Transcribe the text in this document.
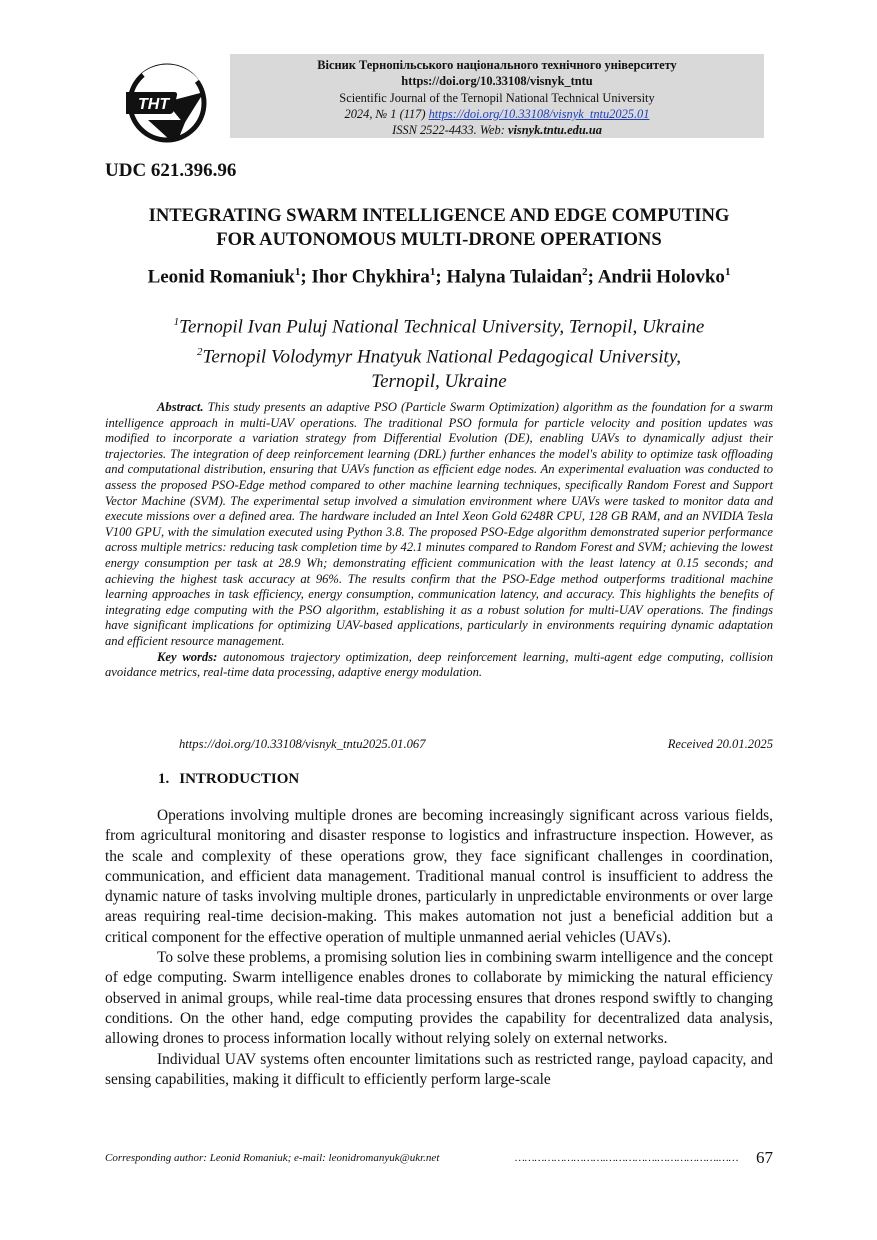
ТНТ
Вісник Тернопільського національного технічного університету
https://doi.org/10.33108/visnyk_tntu
Scientific Journal of the Ternopil National Technical University
2024, № 1 (117) https://doi.org/10.33108/visnyk_tntu2025.01
ISSN 2522-4433. Web: visnyk.tntu.edu.ua
UDC 621.396.96
INTEGRATING SWARM INTELLIGENCE AND EDGE COMPUTING
FOR AUTONOMOUS MULTI-DRONE OPERATIONS
Leonid Romaniuk$^1$; Ihor Chykhira$^1$; Halyna Tulaidan$^2$; Andrii Holovko$^1$
$^1$Ternopil Ivan Puluj National Technical University, Ternopil, Ukraine
$^2$Ternopil Volodymyr Hnatyuk National Pedagogical University,
Ternopil, Ukraine

Abstract. This study presents an adaptive PSO (Particle Swarm Optimization) algorithm as the foundation for a swarm intelligence approach in multi-UAV operations. The traditional PSO formula for particle velocity and position updates was modified to incorporate a variation strategy from Differential Evolution (DE), enabling UAVs to dynamically adjust their trajectories. The integration of deep reinforcement learning (DRL) further enhances the model's ability to optimize task offloading and computational distribution, ensuring that UAVs function as efficient edge nodes. An experimental evaluation was conducted to assess the proposed PSO-Edge method compared to other machine learning techniques, specifically Random Forest and Support Vector Machine (SVM). The experimental setup involved a simulation environment where UAVs were tasked to monitor data and execute missions over a defined area. The hardware included an Intel Xeon Gold 6248R CPU, 128 GB RAM, and an NVIDIA Tesla V100 GPU, with the simulation executed using Python 3.8. The proposed PSO-Edge algorithm demonstrated superior performance across multiple metrics: reducing task completion time by 42.1 minutes compared to Random Forest and SVM; achieving the lowest energy consumption per task at 28.9 Wh; demonstrating efficient communication with the least latency at 0.15 seconds; and achieving the highest task accuracy at 96%. The results confirm that the PSO-Edge method outperforms traditional machine learning approaches in task efficiency, energy consumption, communication latency, and accuracy. This highlights the benefits of integrating edge computing with the PSO algorithm, establishing it as a robust solution for multi-UAV operations. The findings have significant implications for optimizing UAV-based applications, particularly in environments requiring dynamic adaptation and efficient resource management.

Key words: autonomous trajectory optimization, deep reinforcement learning, multi-agent edge computing, collision avoidance metrics, real-time data processing, adaptive energy modulation.

https://doi.org/10.33108/visnyk_tntu2025.01.067	Received 20.01.2025
1. INTRODUCTION

Operations involving multiple drones are becoming increasingly significant across various fields, from agricultural monitoring and disaster response to logistics and infrastructure inspection. However, as the scale and complexity of these operations grow, they face significant challenges in coordination, communication, and efficient data management. Traditional manual control is insufficient to address the dynamic nature of tasks involving multiple drones, particularly in unpredictable environments or over large areas requiring real-time decision-making. This makes automation not just a beneficial addition but a critical component for the effective operation of multiple unmanned aerial vehicles (UAVs).

To solve these problems, a promising solution lies in combining swarm intelligence and the concept of edge computing. Swarm intelligence enables drones to collaborate by mimicking the natural efficiency observed in animal groups, while real-time data processing ensures that drones respond swiftly to changing conditions. On the other hand, edge computing provides the capability for decentralized data analysis, allowing drones to process information locally without relying solely on external networks.

Individual UAV systems often encounter limitations such as restricted range, payload capacity, and sensing capabilities, making it difficult to efficiently perform large-scale

Corresponding author: Leonid Romaniuk; e-mail: leonidromanyuk@ukr.net	……………………….…………….……………….……	67
